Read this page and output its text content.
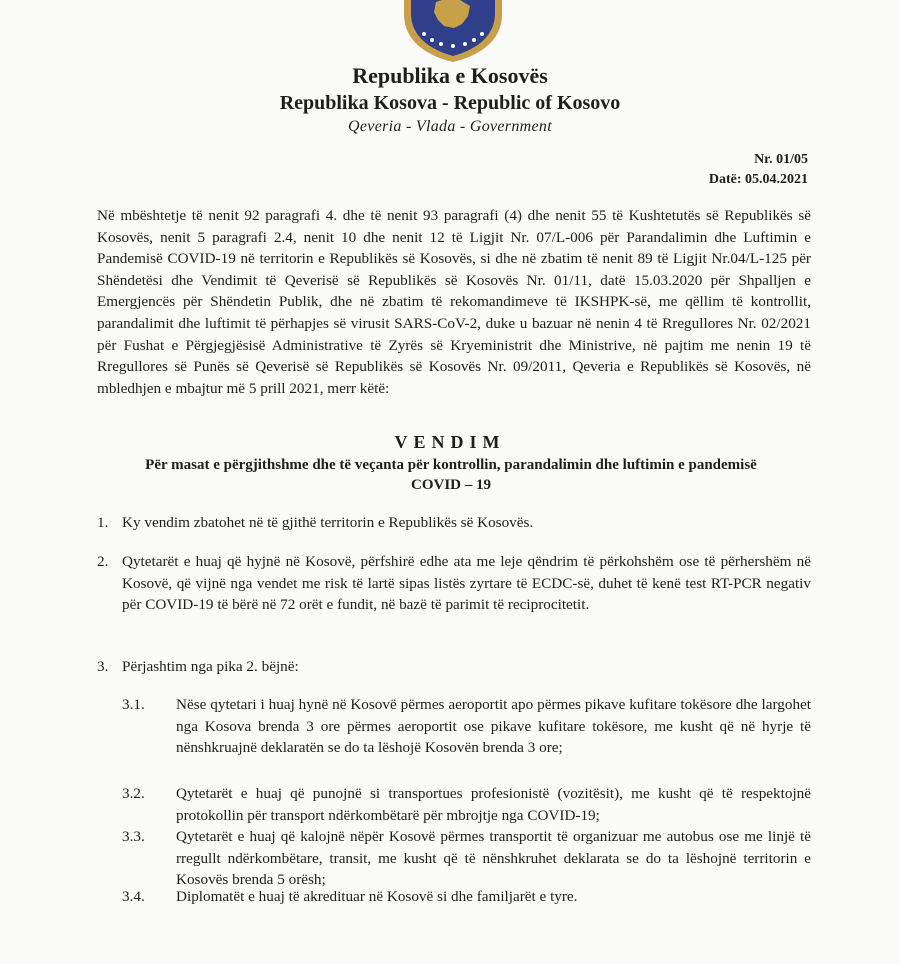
Republika e Kosovës
Republika Kosova - Republic of Kosovo
Qeveria - Vlada - Government
Nr. 01/05
Datë: 05.04.2021
Në mbështetje të nenit 92 paragrafi 4. dhe të nenit 93 paragrafi (4) dhe nenit 55 të Kushtetutës së Republikës së Kosovës, nenit 5 paragrafi 2.4, nenit 10 dhe nenit 12 të Ligjit Nr. 07/L-006 për Parandalimin dhe Luftimin e Pandemisë COVID-19 në territorin e Republikës së Kosovës, si dhe në zbatim të nenit 89 të Ligjit Nr.04/L-125 për Shëndetësi dhe Vendimit të Qeverisë së Republikës së Kosovës Nr. 01/11, datë 15.03.2020 për Shpalljen e Emergjencës për Shëndetin Publik, dhe në zbatim të rekomandimeve të IKSHPK-së, me qëllim të kontrollit, parandalimit dhe luftimit të përhapjes së virusit SARS-CoV-2, duke u bazuar në nenin 4 të Rregullores Nr. 02/2021 për Fushat e Përgjegjësisë Administrative të Zyrës së Kryeministrit dhe Ministrive, në pajtim me nenin 19 të Rregullores së Punës së Qeverisë së Republikës së Kosovës Nr. 09/2011, Qeveria e Republikës së Kosovës, në mbledhjen e mbajtur më 5 prill 2021, merr këtë:
VENDIM
Për masat e përgjithshme dhe të veçanta për kontrollin, parandalimin dhe luftimin e pandemisë COVID – 19
1. Ky vendim zbatohet në të gjithë territorin e Republikës së Kosovës.
2. Qytetarët e huaj që hyjnë në Kosovë, përfshirë edhe ata me leje qëndrim të përkohshëm ose të përhershëm në Kosovë, që vijnë nga vendet me risk të lartë sipas listës zyrtare të ECDC-së, duhet të kenë test RT-PCR negativ për COVID-19 të bërë në 72 orët e fundit, në bazë të parimit të reciprocitetit.
3. Përjashtim nga pika 2. bëjnë:
3.1. Nëse qytetari i huaj hynë në Kosovë përmes aeroportit apo përmes pikave kufitare tokësore dhe largohet nga Kosova brenda 3 ore përmes aeroportit ose pikave kufitare tokësore, me kusht që në hyrje të nënshkruajnë deklaratën se do ta lëshojë Kosovën brenda 3 ore;
3.2. Qytetarët e huaj që punojnë si transportues profesionistë (vozitësit), me kusht që të respektojnë protokollin për transport ndërkombëtarë për mbrojtje nga COVID-19;
3.3. Qytetarët e huaj që kalojnë nëpër Kosovë përmes transportit të organizuar me autobus ose me linjë të rregullt ndërkombëtare, transit, me kusht që të nënshkruhet deklarata se do ta lëshojnë territorin e Kosovës brenda 5 orësh;
3.4. Diplomatët e huaj të akredituar në Kosovë si dhe familjarët e tyre.
